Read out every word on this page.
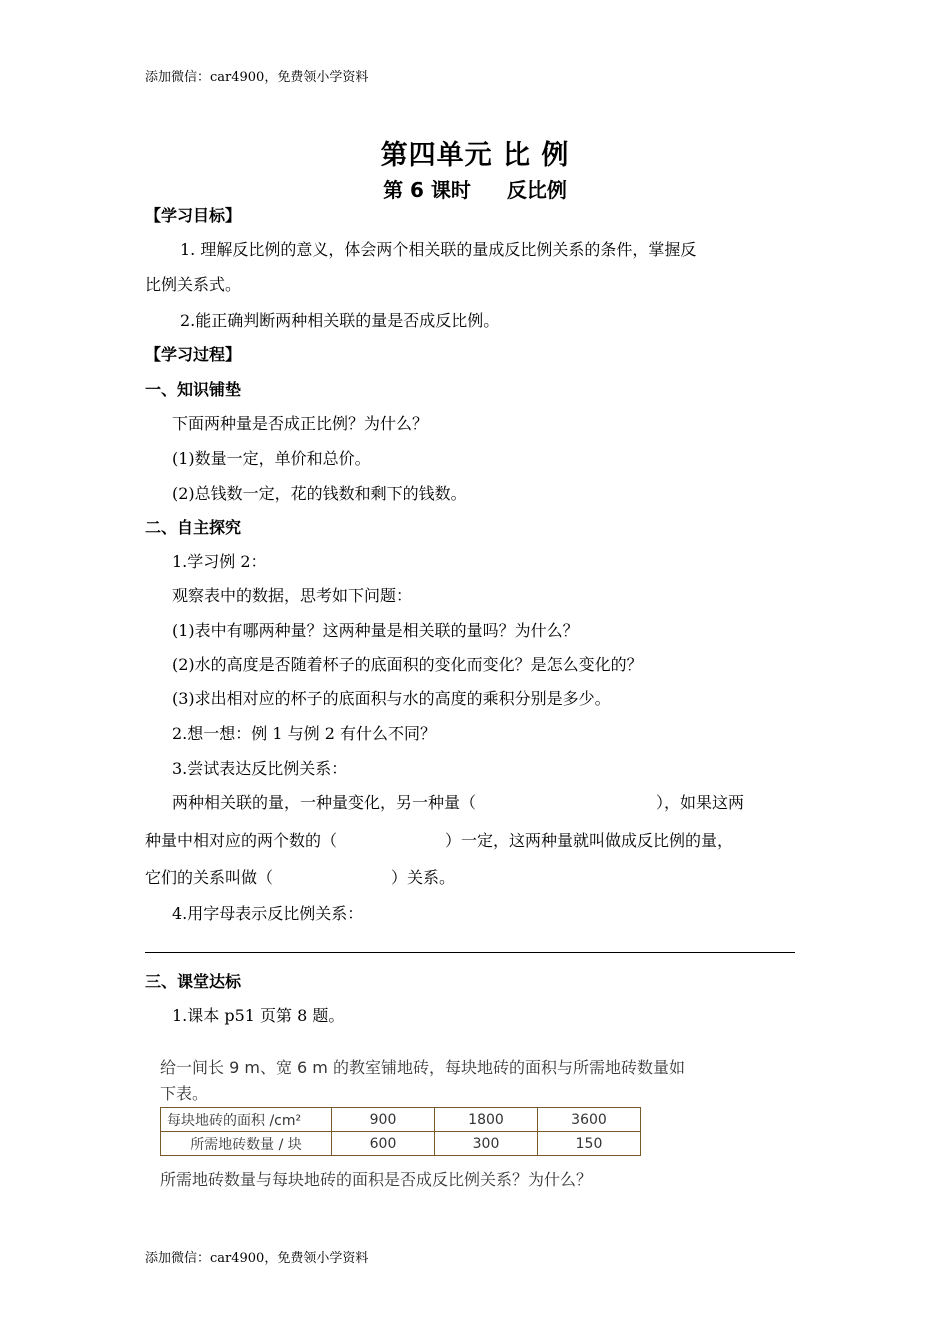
添加微信：car4900，免费领小学资料
第四单元 比 例
第 6 课时 反比例
【学习目标】
1. 理解反比例的意义，体会两个相关联的量成反比例关系的条件，掌握反
比例关系式。
2.能正确判断两种相关联的量是否成反比例。
【学习过程】
一、知识铺垫
下面两种量是否成正比例？为什么？
(1)数量一定，单价和总价。
(2)总钱数一定，花的钱数和剩下的钱数。
二、自主探究
1.学习例 2：
观察表中的数据，思考如下问题：
(1)表中有哪两种量？这两种量是相关联的量吗？为什么？
(2)水的高度是否随着杯子的底面积的变化而变化？是怎么变化的？
(3)求出相对应的杯子的底面积与水的高度的乘积分别是多少。
2.想一想：例 1 与例 2 有什么不同？
3.尝试表达反比例关系：
两种相关联的量，一种量变化，另一种量（	），如果这两
种量中相对应的两个数的（	）一定，这两种量就叫做成反比例的量，
它们的关系叫做（	）关系。
4.用字母表示反比例关系：
三、课堂达标
1.课本 p51 页第 8 题。
给一间长 9 m、宽 6 m 的教室铺地砖，每块地砖的面积与所需地砖数量如
下表。
每块地砖的面积 /cm²	900	1800	3600
所需地砖数量 / 块	600	300	150
所需地砖数量与每块地砖的面积是否成反比例关系？为什么？
添加微信：car4900，免费领小学资料
